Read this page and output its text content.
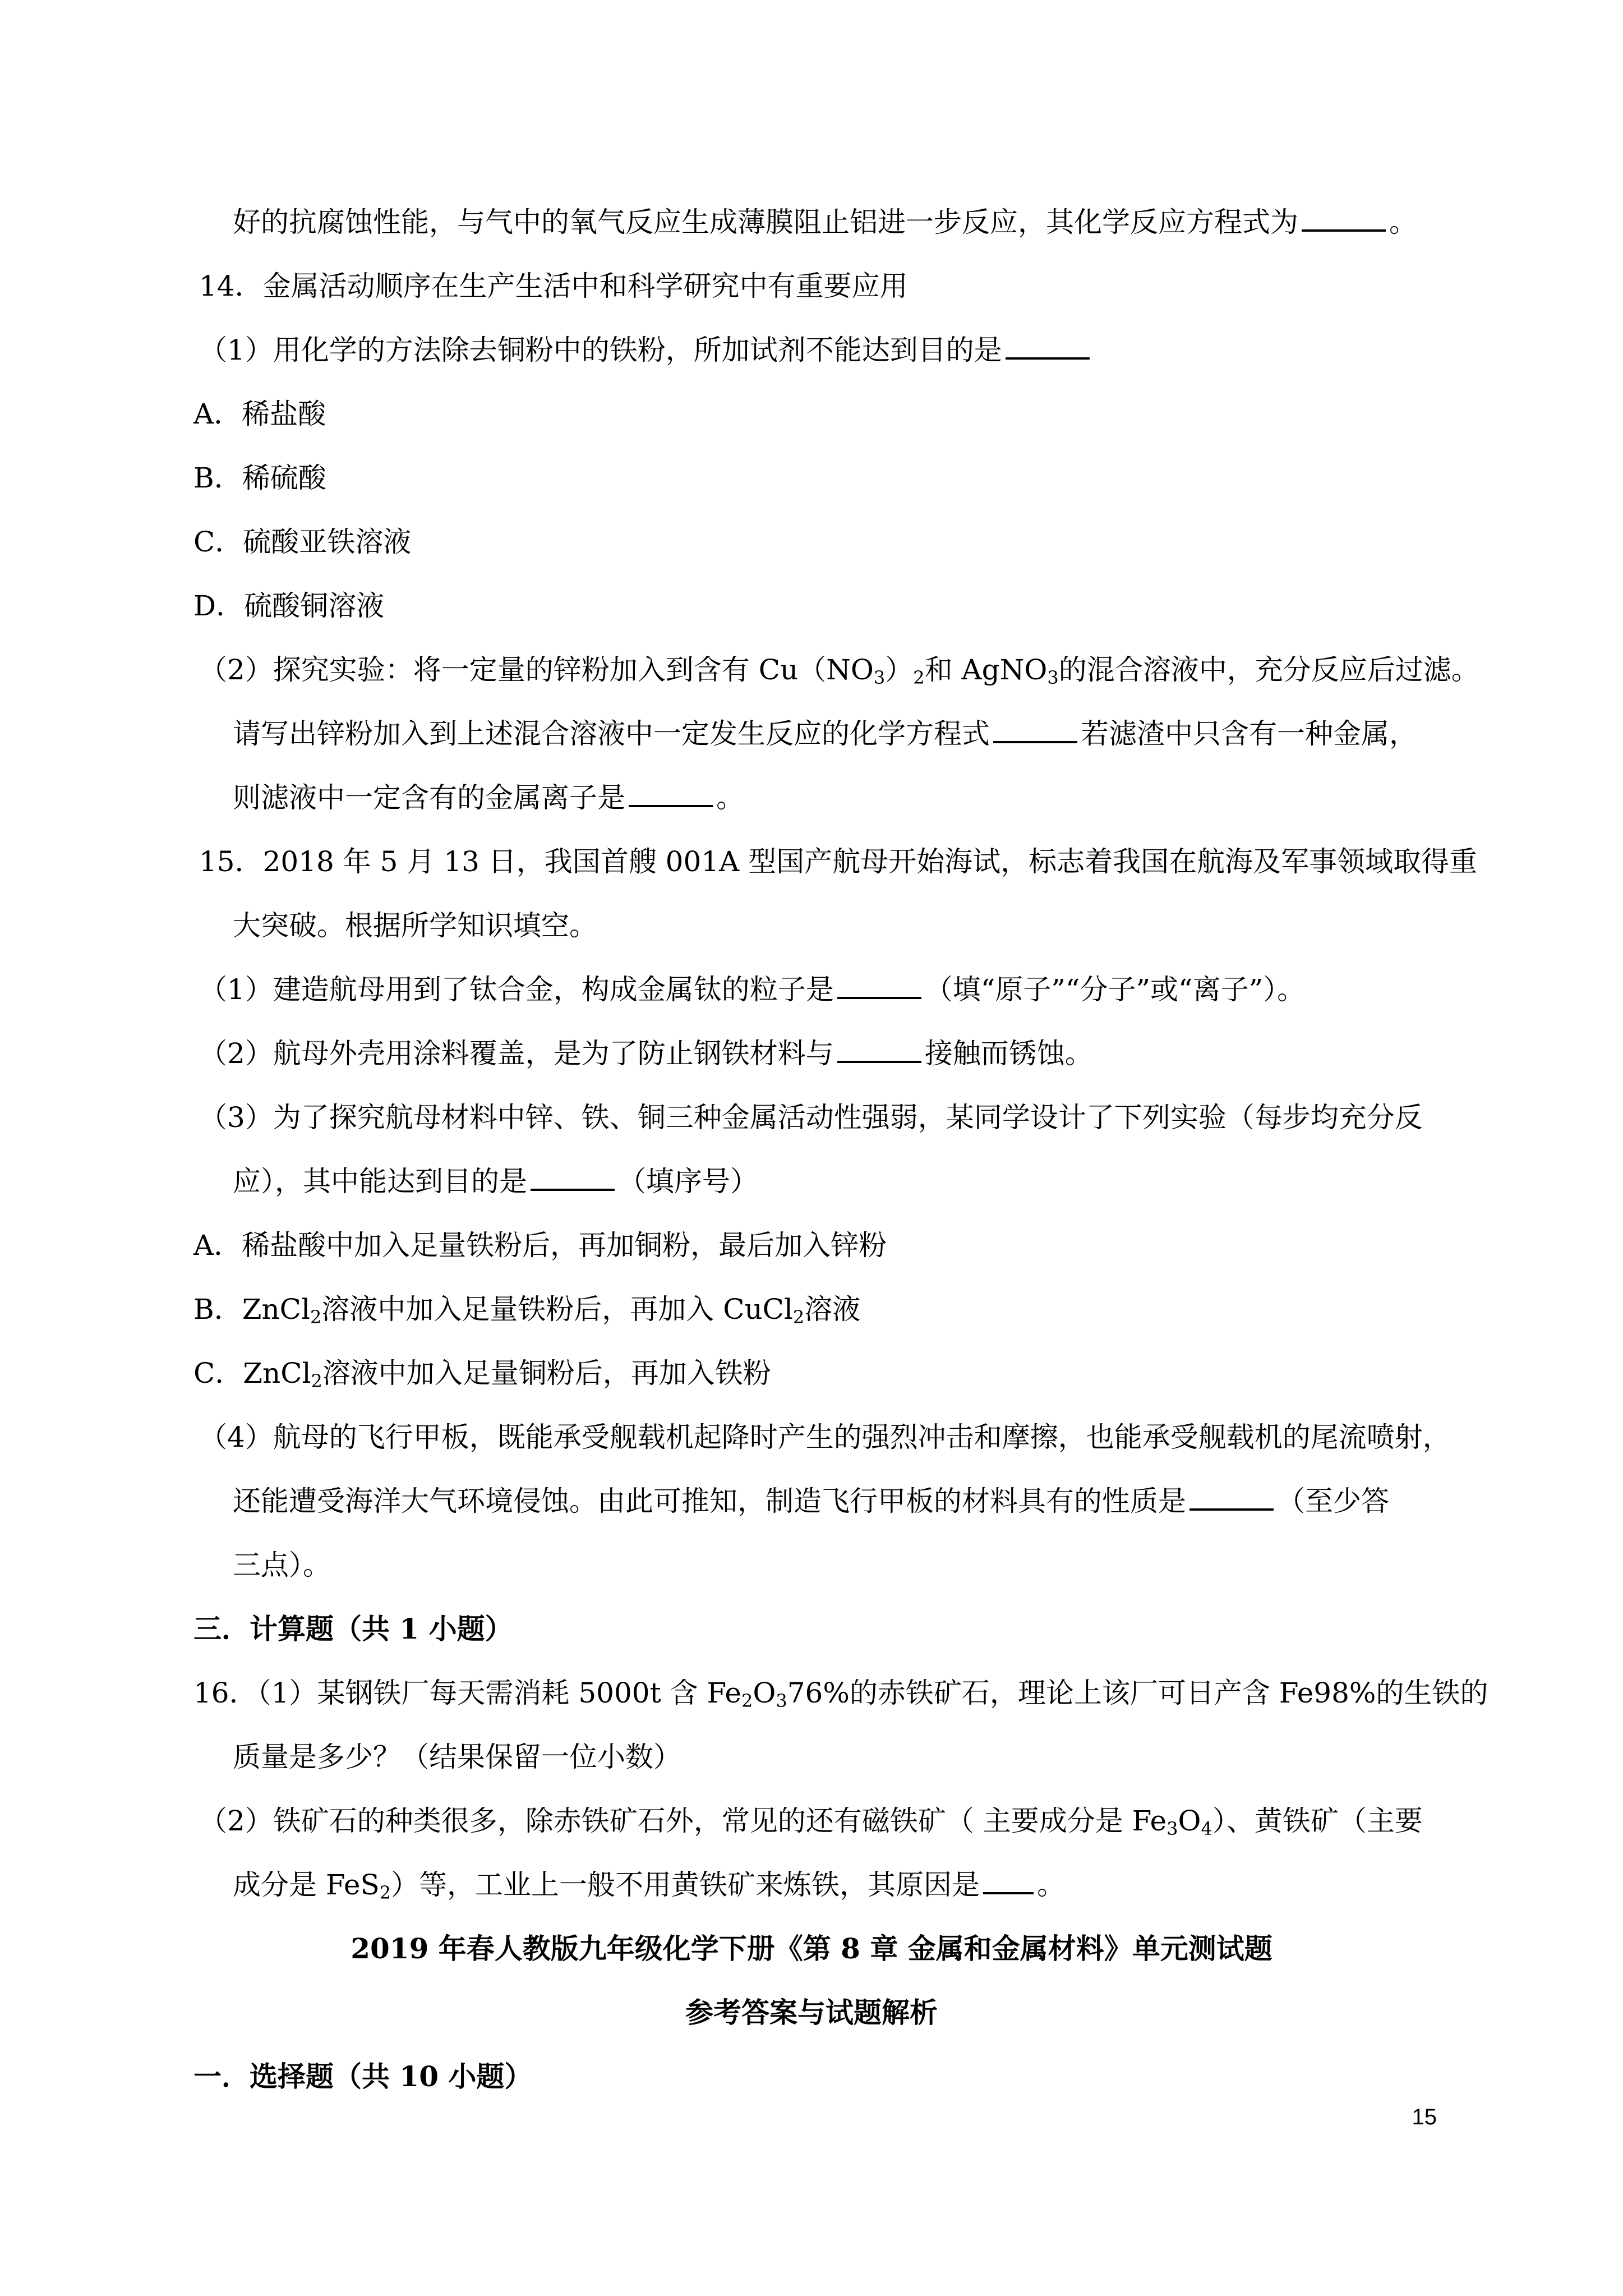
好的抗腐蚀性能，与气中的氧气反应生成薄膜阻止铝进一步反应，其化学反应方程式为	。
14．金属活动顺序在生产生活中和科学研究中有重要应用
（1）用化学的方法除去铜粉中的铁粉，所加试剂不能达到目的是
A．稀盐酸
B．稀硫酸
C．硫酸亚铁溶液
D．硫酸铜溶液
（2）探究实验：将一定量的锌粉加入到含有 $Cu(NO_3)_2$和 AgNO$_3$的混合溶液中，充分反应后过滤。
请写出锌粉加入到上述混合溶液中一定发生反应的化学方程式	若滤渣中只含有一种金属，
则滤液中一定含有的金属离子是	。
15．2018 年 5 月 13 日，我国首艘 001A 型国产航母开始海试，标志着我国在航海及军事领域取得重
大突破。根据所学知识填空。
（1）建造航母用到了钛合金，构成金属钛的粒子是	（填“原子”“分子”或“离子”）。
（2）航母外壳用涂料覆盖，是为了防止钢铁材料与	接触而锈蚀。
（3）为了探究航母材料中锌、铁、铜三种金属活动性强弱，某同学设计了下列实验（每步均充分反
应），其中能达到目的是	（填序号）
A．稀盐酸中加入足量铁粉后，再加铜粉，最后加入锌粉
B．ZnCl$_2$溶液中加入足量铁粉后，再加入 CuCl$_2$溶液
C．ZnCl$_2$溶液中加入足量铜粉后，再加入铁粉
（4）航母的飞行甲板，既能承受舰载机起降时产生的强烈冲击和摩擦，也能承受舰载机的尾流喷射，
还能遭受海洋大气环境侵蚀。由此可推知，制造飞行甲板的材料具有的性质是	（至少答
三点）。
三．计算题（共 1 小题）
16．（1）某钢铁厂每天需消耗 5000t 含 $Fe_2O_376\%$的赤铁矿石，理论上该厂可日产含 Fe98%的生铁的
质量是多少？（结果保留一位小数）
（2）铁矿石的种类很多，除赤铁矿石外，常见的还有磁铁矿（ 主要成分是 $Fe_3O_4$）、黄铁矿（主要
成分是 FeS$_2$）等，工业上一般不用黄铁矿来炼铁，其原因是 。
2019 年春人教版九年级化学下册《第 8 章 金属和金属材料》单元测试题
参考答案与试题解析
一．选择题（共 10 小题）
15
